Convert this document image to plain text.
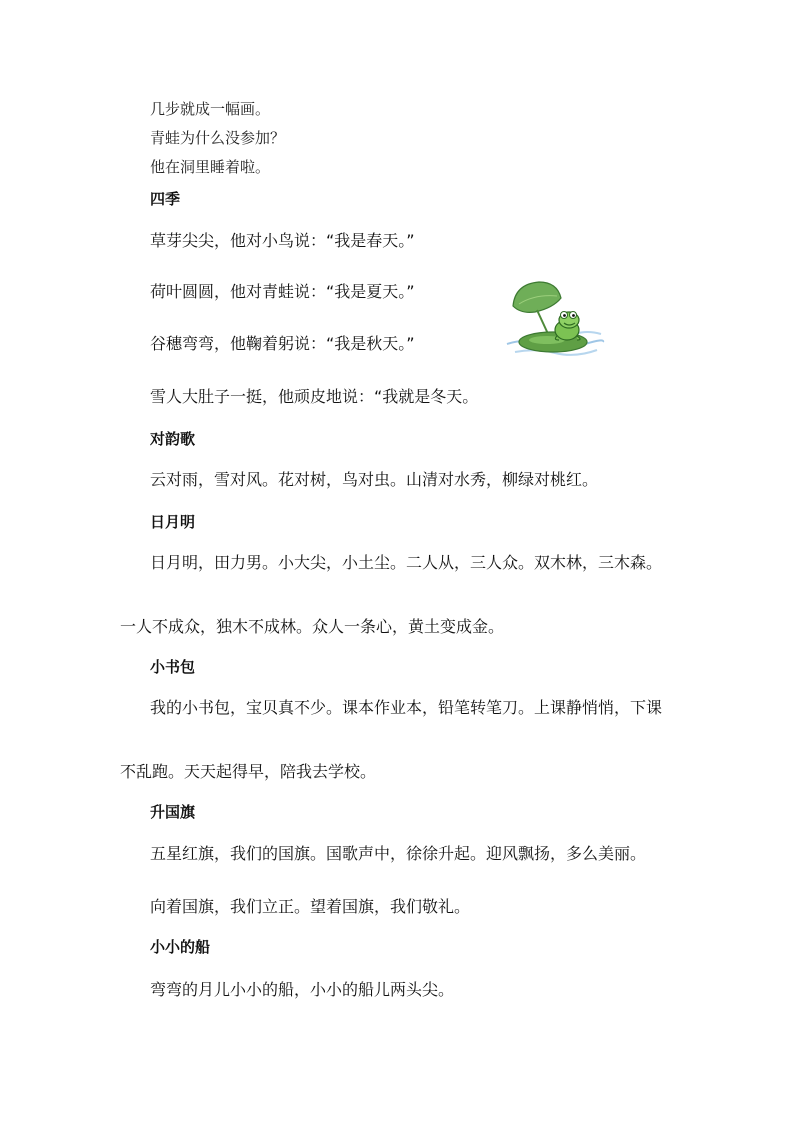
几步就成一幅画。
青蛙为什么没参加？
他在洞里睡着啦。
四季
草芽尖尖，他对小鸟说：“我是春天。”
荷叶圆圆，他对青蛙说：“我是夏天。”
谷穗弯弯，他鞠着躬说：“我是秋天。”
雪人大肚子一挺，他顽皮地说：“我就是冬天。
对韵歌
云对雨，雪对风。花对树，鸟对虫。山清对水秀，柳绿对桃红。
日月明
日月明，田力男。小大尖，小土尘。二人从，三人众。双木林，三木森。
一人不成众，独木不成林。众人一条心，黄土变成金。
小书包
我的小书包，宝贝真不少。课本作业本，铅笔转笔刀。上课静悄悄，下课
不乱跑。天天起得早，陪我去学校。
升国旗
五星红旗，我们的国旗。国歌声中，徐徐升起。迎风飘扬，多么美丽。
向着国旗，我们立正。望着国旗，我们敬礼。
小小的船
弯弯的月儿小小的船，小小的船儿两头尖。
